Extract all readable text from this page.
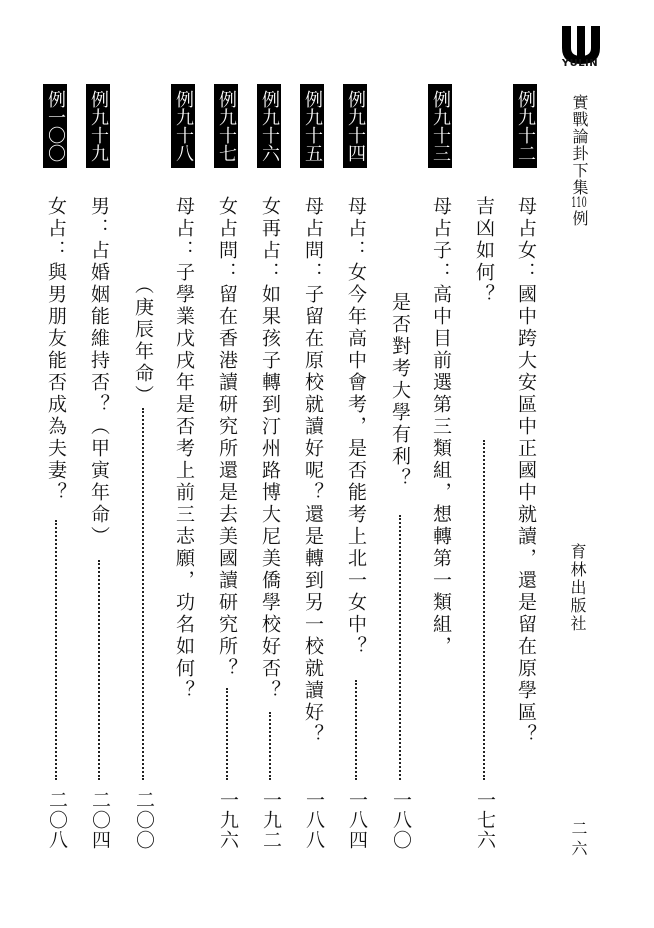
YULIN
實戰論卦下集110例
育林出版社
二六
例九十二
母占女：國中跨大安區中正國中就讀，還是留在原學區？
吉凶如何？
一七六
例九十三
母占子：高中目前選第三類組，想轉第一類組，
是否對考大學有利？
一八〇
例九十四
母占：女今年高中會考，是否能考上北一女中？
一八四
例九十五
母占問：子留在原校就讀好呢？還是轉到另一校就讀好？
一八八
例九十六
女再占：如果孩子轉到汀州路博大尼美僑學校好否？
一九二
例九十七
女占問：留在香港讀研究所還是去美國讀研究所？
一九六
例九十八
母占：子學業戊戌年是否考上前三志願，功名如何？
（庚辰年命）
二〇〇
例九十九
男：占婚姻能維持否？（甲寅年命）
二〇四
例一〇〇
女占：與男朋友能否成為夫妻？
二〇八
